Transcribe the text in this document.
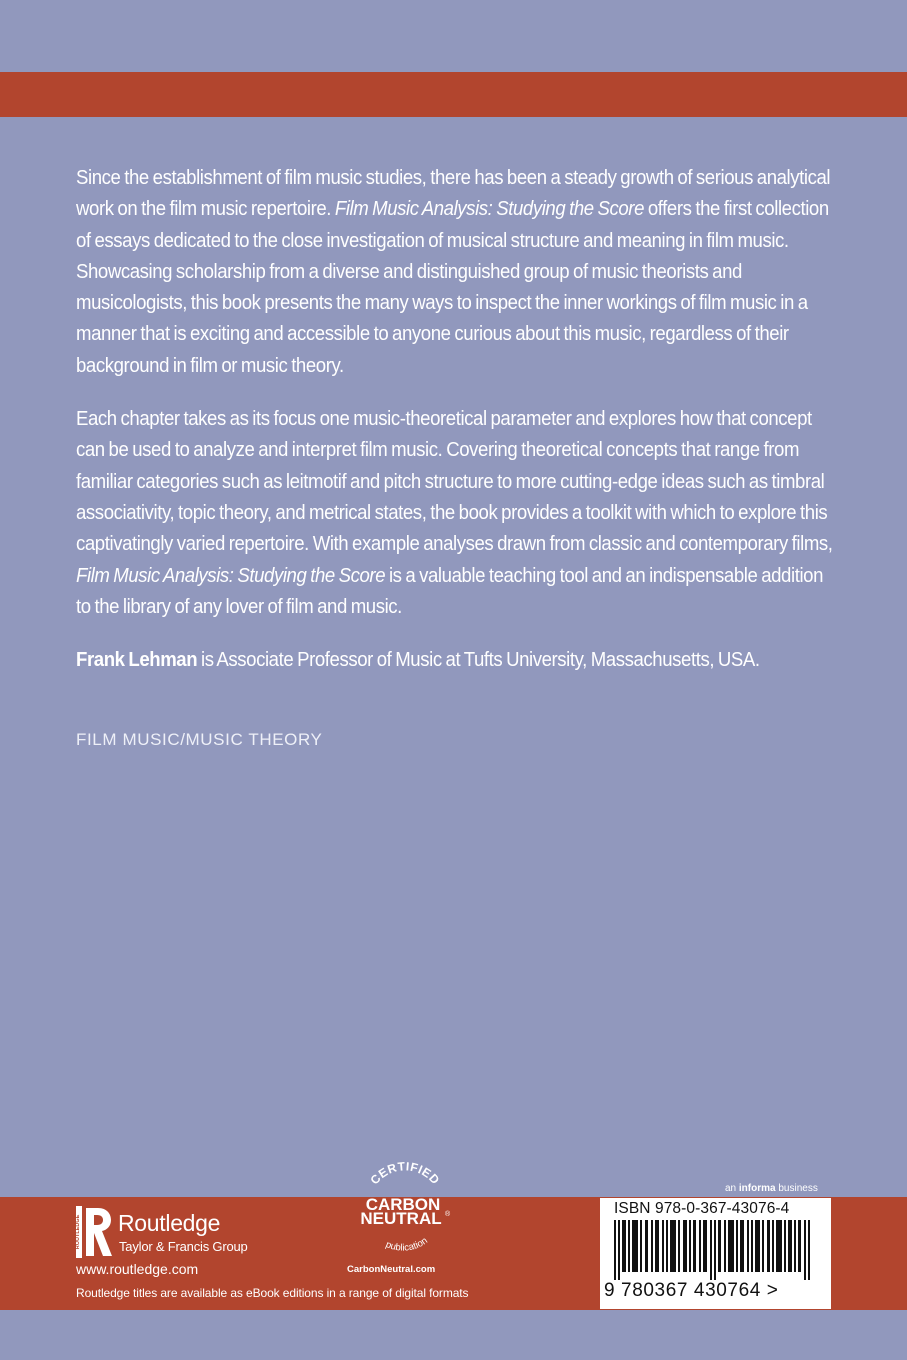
Since the establishment of film music studies, there has been a steady growth of serious analytical work on the film music repertoire. Film Music Analysis: Studying the Score offers the first collection of essays dedicated to the close investigation of musical structure and meaning in film music. Showcasing scholarship from a diverse and distinguished group of music theorists and musicologists, this book presents the many ways to inspect the inner workings of film music in a manner that is exciting and accessible to anyone curious about this music, regardless of their background in film or music theory.

Each chapter takes as its focus one music-theoretical parameter and explores how that concept can be used to analyze and interpret film music. Covering theoretical concepts that range from familiar categories such as leitmotif and pitch structure to more cutting-edge ideas such as timbral associativity, topic theory, and metrical states, the book provides a toolkit with which to explore this captivatingly varied repertoire. With example analyses drawn from classic and contemporary films, Film Music Analysis: Studying the Score is a valuable teaching tool and an indispensable addition to the library of any lover of film and music.

Frank Lehman is Associate Professor of Music at Tufts University, Massachusetts, USA.

FILM MUSIC/MUSIC THEORY
an informa business
ROUTLEDGE Routledge
Taylor & Francis Group
www.routledge.com
Routledge titles are available as eBook editions in a range of digital formats
CERTIFIED
CARBON
NEUTRAL ®
publication
CarbonNeutral.com
ISBN 978-0-367-43076-4
9 780367 430764 >
